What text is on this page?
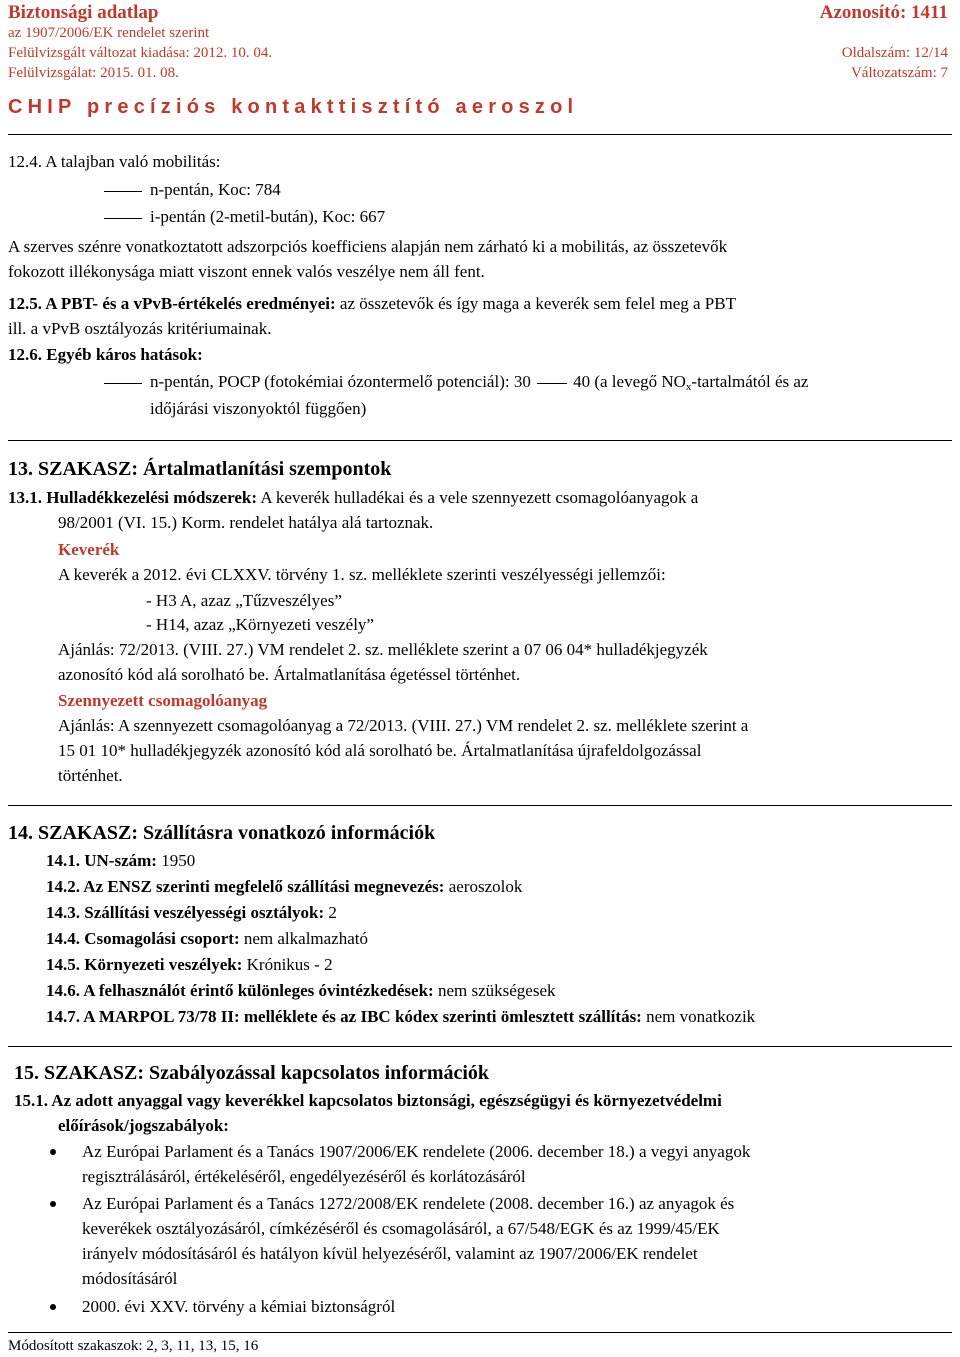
Biztonsági adatlap	Azonosító: 1411
az 1907/2006/EK rendelet szerint
Felülvizsgált változat kiadása: 2012. 10. 04.	Oldalszám: 12/14
Felülvizsgálat: 2015. 01. 08.	Változatszám: 7
CHIP precíziós kontakttisztító aeroszol
12.4. A talajban való mobilitás:
n-pentán, Koc: 784
i-pentán (2-metil-bután), Koc: 667
A szerves szénre vonatkoztatott adszorpciós koefficiens alapján nem zárható ki a mobilitás, az összetevők
fokozott illékonysága miatt viszont ennek valós veszélye nem áll fent.
12.5. A PBT- és a vPvB-értékelés eredményei: az összetevők és így maga a keverék sem felel meg a PBT
ill. a vPvB osztályozás kritériumainak.
12.6. Egyéb káros hatások:
n-pentán, POCP (fotokémiai ózontermelő potenciál): 30 40 (a levegő $NO_x$-tartalmától és az
időjárási viszonyoktól függően)
13. SZAKASZ: Ártalmatlanítási szempontok
13.1. Hulladékkezelési módszerek: A keverék hulladékai és a vele szennyezett csomagolóanyagok a
98/2001 (VI. 15.) Korm. rendelet hatálya alá tartoznak.
Keverék
A keverék a 2012. évi CLXXV. törvény 1. sz. melléklete szerinti veszélyességi jellemzői:
- H3 A, azaz „Tűzveszélyes”
- H14, azaz „Környezeti veszély”
Ajánlás: 72/2013. (VIII. 27.) VM rendelet 2. sz. melléklete szerint a 07 06 04* hulladékjegyzék
azonosító kód alá sorolható be. Ártalmatlanítása égetéssel történhet.
Szennyezett csomagolóanyag
Ajánlás: A szennyezett csomagolóanyag a 72/2013. (VIII. 27.) VM rendelet 2. sz. melléklete szerint a
15 01 10* hulladékjegyzék azonosító kód alá sorolható be. Ártalmatlanítása újrafeldolgozással
történhet.
14. SZAKASZ: Szállításra vonatkozó információk
14.1. UN-szám: 1950
14.2. Az ENSZ szerinti megfelelő szállítási megnevezés: aeroszolok
14.3. Szállítási veszélyességi osztályok: 2
14.4. Csomagolási csoport: nem alkalmazható
14.5. Környezeti veszélyek: Krónikus - 2
14.6. A felhasználót érintő különleges óvintézkedések: nem szükségesek
14.7. A MARPOL 73/78 II: melléklete és az IBC kódex szerinti ömlesztett szállítás: nem vonatkozik
15. SZAKASZ: Szabályozással kapcsolatos információk
15.1. Az adott anyaggal vagy keverékkel kapcsolatos biztonsági, egészségügyi és környezetvédelmi
előírások/jogszabályok:
Az Európai Parlament és a Tanács 1907/2006/EK rendelete (2006. december 18.) a vegyi anyagok
regisztrálásáról, értékeléséről, engedélyezéséről és korlátozásáról
Az Európai Parlament és a Tanács 1272/2008/EK rendelete (2008. december 16.) az anyagok és
keverékek osztályozásáról, címkézéséről és csomagolásáról, a 67/548/EGK és az 1999/45/EK
irányelv módosításáról és hatályon kívül helyezéséről, valamint az 1907/2006/EK rendelet
módosításáról
2000. évi XXV. törvény a kémiai biztonságról
Módosított szakaszok: 2, 3, 11, 13, 15, 16
